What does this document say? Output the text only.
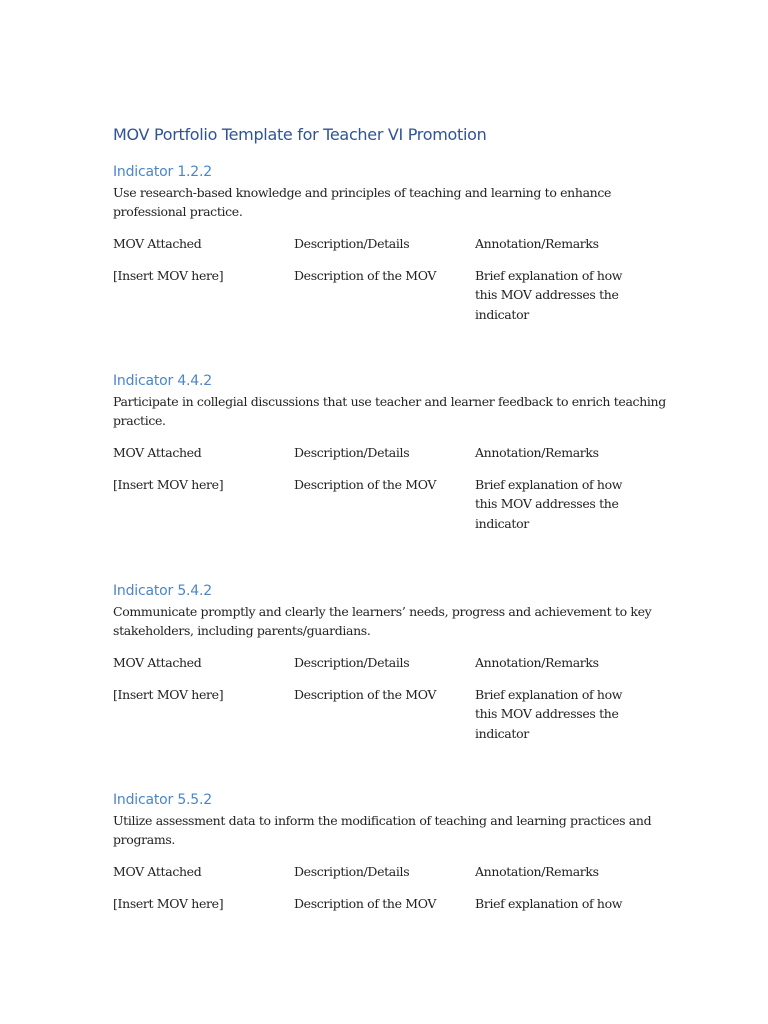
MOV Portfolio Template for Teacher VI Promotion
Indicator 1.2.2

Use research-based knowledge and principles of teaching and learning to enhance professional practice.

MOV Attached	Description/Details	Annotation/Remarks
[Insert MOV here]	Description of the MOV	Brief explanation of how this MOV addresses the indicator
Indicator 4.4.2

Participate in collegial discussions that use teacher and learner feedback to enrich teaching practice.

MOV Attached	Description/Details	Annotation/Remarks
[Insert MOV here]	Description of the MOV	Brief explanation of how this MOV addresses the indicator
Indicator 5.4.2

Communicate promptly and clearly the learners’ needs, progress and achievement to key stakeholders, including parents/guardians.

MOV Attached	Description/Details	Annotation/Remarks
[Insert MOV here]	Description of the MOV	Brief explanation of how this MOV addresses the indicator
Indicator 5.5.2

Utilize assessment data to inform the modification of teaching and learning practices and programs.

MOV Attached	Description/Details	Annotation/Remarks
[Insert MOV here]	Description of the MOV	Brief explanation of how
